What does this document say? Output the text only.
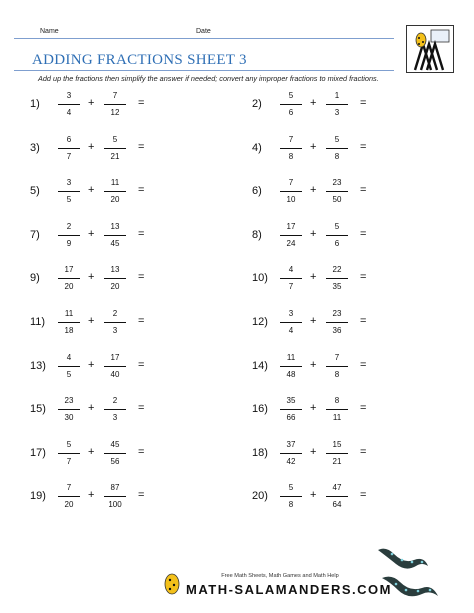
Name	Date
ADDING FRACTIONS SHEET 3
Add up the fractions then simplify the answer if needed; convert any improper fractions to mixed fractions.
1)
3
4
+
7
12
=	2)
5
6
+
1
3
=
3)
6
7
+
5
21
=	4)
7
8
+
5
8
=
5)
3
5
+
11
20
=	6)
7
10
+
23
50
=
7)
2
9
+
13
45
=	8)
17
24
+
5
6
=
9)
17
20
+
13
20
=	10)
4
7
+
22
35
=
11)
11
18
+
2
3
=	12)
3
4
+
23
36
=
13)
4
5
+
17
40
=	14)
11
48
+
7
8
=
15)
23
30
+
2
3
=	16)
35
66
+
8
11
=
17)
5
7
+
45
56
=	18)
37
42
+
15
21
=
19)
7
20
+
87
100
=	20)
5
8
+
47
64
=
Free Math Sheets, Math Games and Math Help
MATH-SALAMANDERS.COM
